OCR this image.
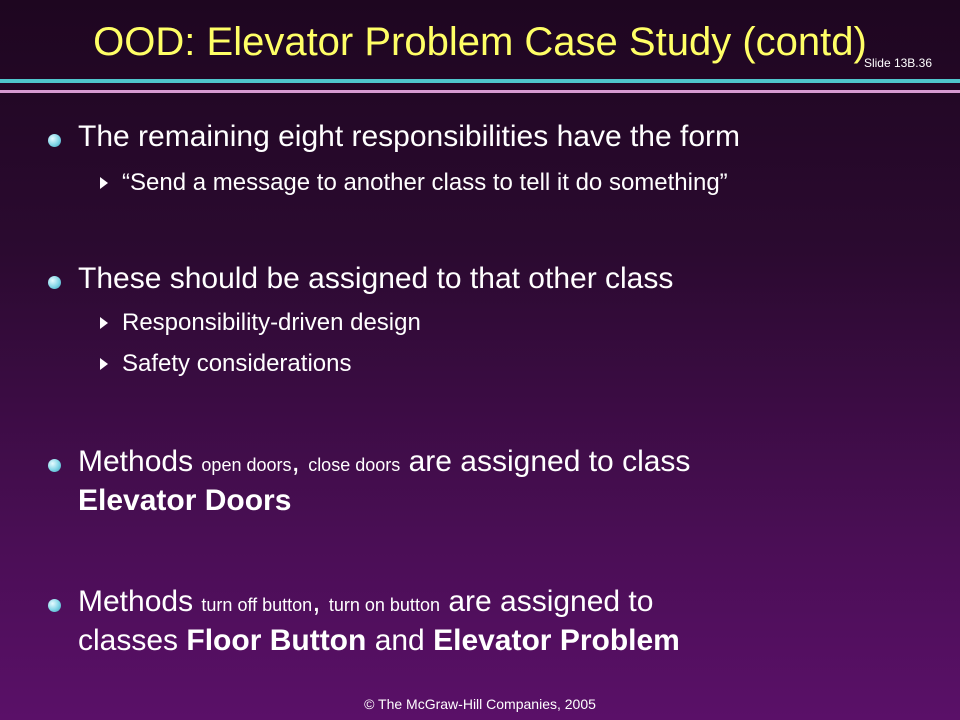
OOD: Elevator Problem Case Study (contd)
Slide 13B.36
The remaining eight responsibilities have the form
“Send a message to another class to tell it do something”
These should be assigned to that other class
Responsibility-driven design
Safety considerations
Methods open doors, close doors are assigned to class
Elevator Doors
Methods turn off button, turn on button are assigned to
classes Floor Button and Elevator Problem
© The McGraw-Hill Companies, 2005
